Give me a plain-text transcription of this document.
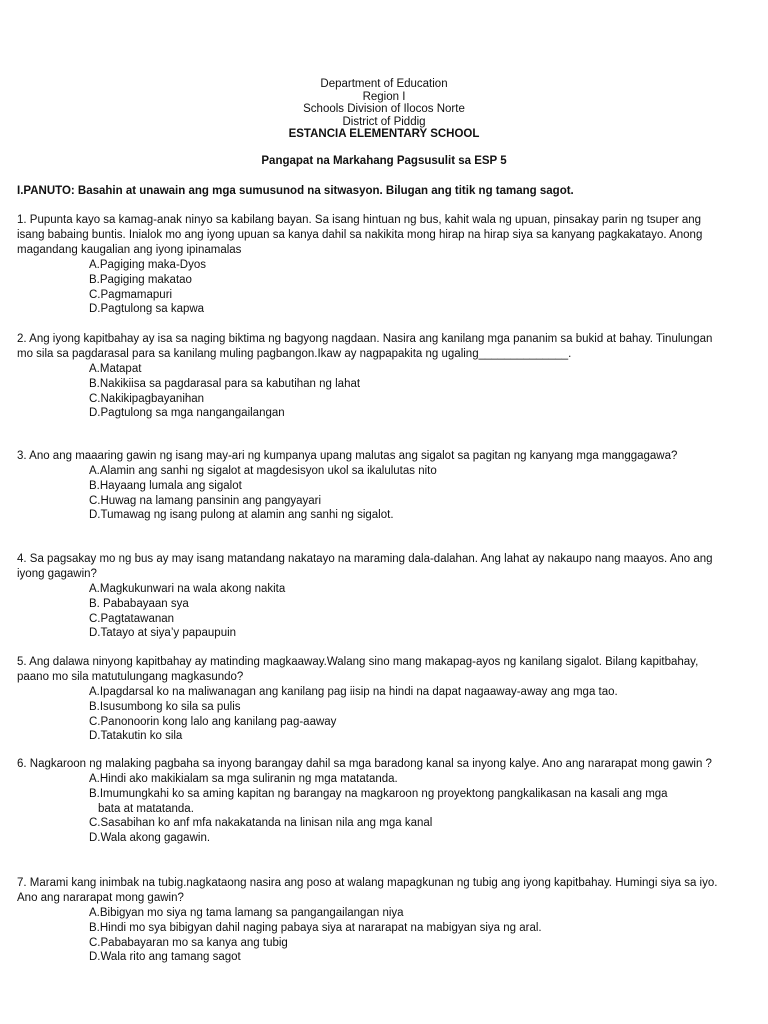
Department of Education
Region I
Schools Division of Ilocos Norte
District of Piddig
ESTANCIA ELEMENTARY SCHOOL
Pangapat na Markahang Pagsusulit sa ESP 5
I.PANUTO: Basahin at unawain ang mga sumusunod na sitwasyon. Bilugan ang titik ng tamang sagot.

1. Pupunta kayo sa kamag-anak ninyo sa kabilang bayan. Sa isang hintuan ng bus, kahit wala ng upuan, pinsakay parin ng tsuper ang isang babaing buntis. Inialok mo ang iyong upuan sa kanya dahil sa nakikita mong hirap na hirap siya sa kanyang pagkakatayo. Anong magandang kaugalian ang iyong ipinamalas

A.Pagiging maka-Dyos
B.Pagiging makatao
C.Pagmamapuri
D.Pagtulong sa kapwa

2. Ang iyong kapitbahay ay isa sa naging biktima ng bagyong nagdaan. Nasira ang kanilang mga pananim sa bukid at bahay. Tinulungan mo sila sa pagdarasal para sa kanilang muling pagbangon.Ikaw ay nagpapakita ng ugaling______________.

A.Matapat
B.Nakikiisa sa pagdarasal para sa kabutihan ng lahat
C.Nakikipagbayanihan
D.Pagtulong sa mga nangangailangan

3. Ano ang maaaring gawin ng isang may-ari ng kumpanya upang malutas ang sigalot sa pagitan ng kanyang mga manggagawa?

A.Alamin ang sanhi ng sigalot at magdesisyon ukol sa ikalulutas nito
B.Hayaang lumala ang sigalot
C.Huwag na lamang pansinin ang pangyayari
D.Tumawag ng isang pulong at alamin ang sanhi ng sigalot.

4. Sa pagsakay mo ng bus ay may isang matandang nakatayo na maraming dala-dalahan. Ang lahat ay nakaupo nang maayos. Ano ang iyong gagawin?

A.Magkukunwari na wala akong nakita
B. Pababayaan sya
C.Pagtatawanan
D.Tatayo at siya’y papaupuin

5. Ang dalawa ninyong kapitbahay ay matinding magkaaway.Walang sino mang makapag-ayos ng kanilang sigalot. Bilang kapitbahay, paano mo sila matutulungang magkasundo?

A.Ipagdarsal ko na maliwanagan ang kanilang pag iisip na hindi na dapat nagaaway-away ang mga tao.
B.Isusumbong ko sila sa pulis
C.Panonoorin kong lalo ang kanilang pag-aaway
D.Tatakutin ko sila

6. Nagkaroon ng malaking pagbaha sa inyong barangay dahil sa mga baradong kanal sa inyong kalye. Ano ang nararapat mong gawin ?

A.Hindi ako makikialam sa mga suliranin ng mga matatanda.
B.Imumungkahi ko sa aming kapitan ng barangay na magkaroon ng proyektong pangkalikasan na kasali ang mga
bata at matatanda.
C.Sasabihan ko anf mfa nakakatanda na linisan nila ang mga kanal
D.Wala akong gagawin.

7. Marami kang inimbak na tubig.nagkataong nasira ang poso at walang mapagkunan ng tubig ang iyong kapitbahay. Humingi siya sa iyo. Ano ang nararapat mong gawin?

A.Bibigyan mo siya ng tama lamang sa pangangailangan niya
B.Hindi mo sya bibigyan dahil naging pabaya siya at nararapat na mabigyan siya ng aral.
C.Pababayaran mo sa kanya ang tubig
D.Wala rito ang tamang sagot
